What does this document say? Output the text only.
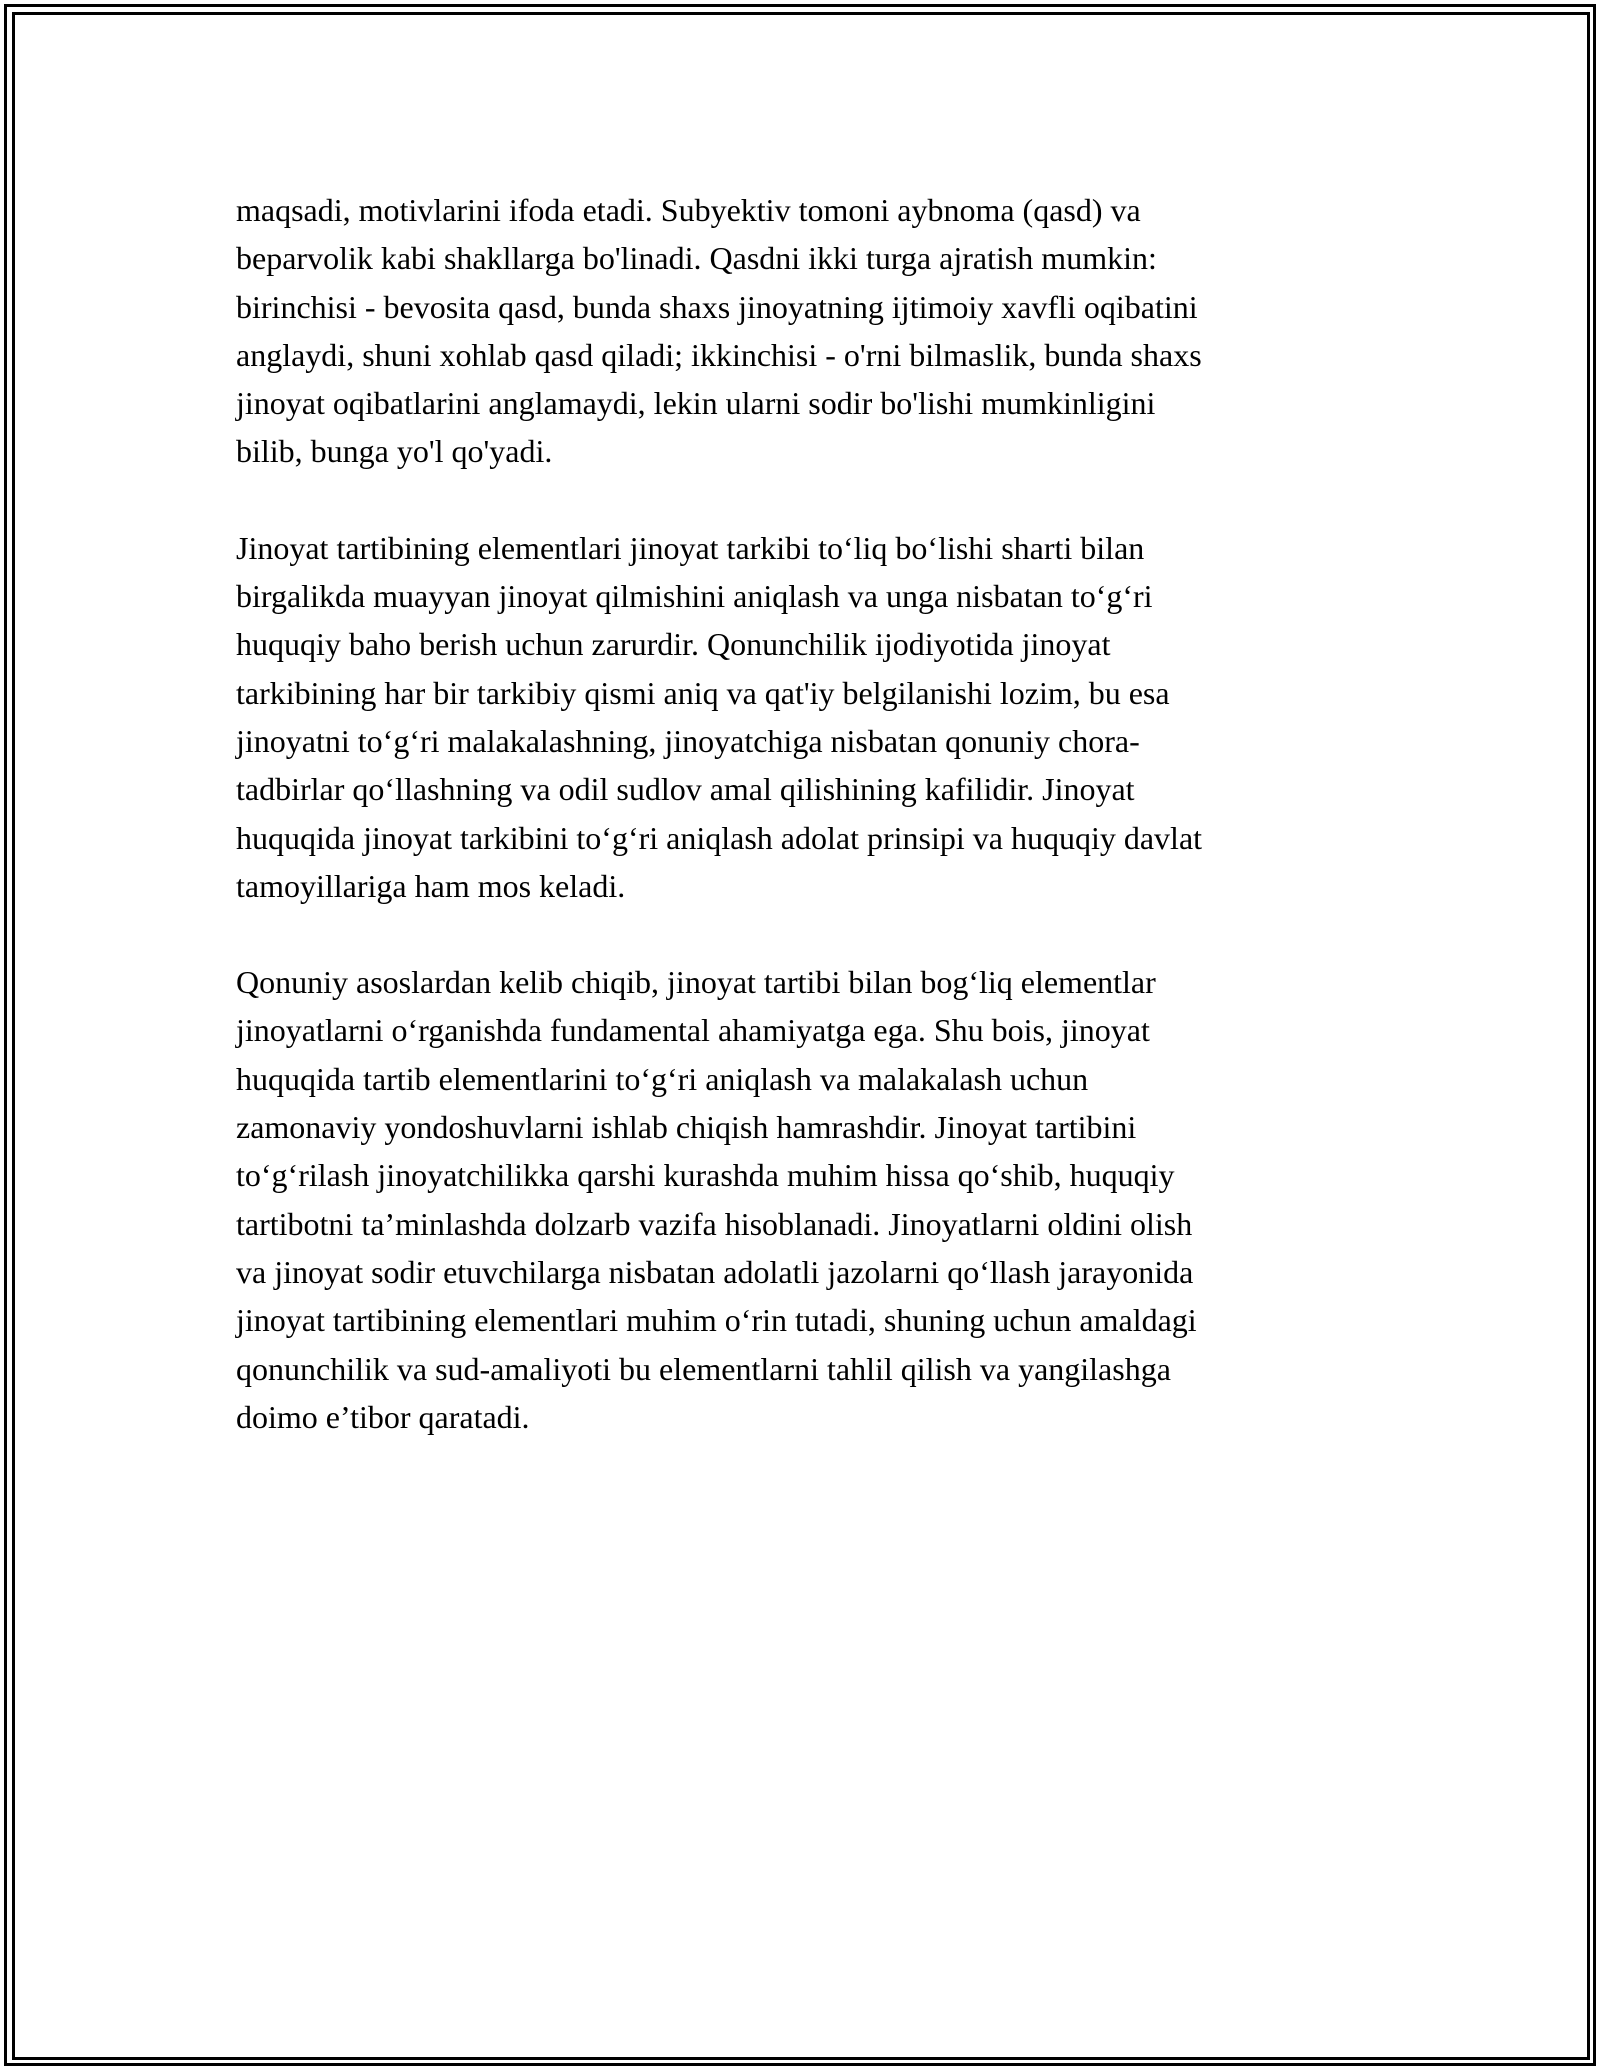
maqsadi, motivlarini ifoda etadi. Subyektiv tomoni aybnoma (qasd) va
beparvolik kabi shakllarga bo'linadi. Qasdni ikki turga ajratish mumkin:
birinchisi - bevosita qasd, bunda shaxs jinoyatning ijtimoiy xavfli oqibatini
anglaydi, shuni xohlab qasd qiladi; ikkinchisi - o'rni bilmaslik, bunda shaxs
jinoyat oqibatlarini anglamaydi, lekin ularni sodir bo'lishi mumkinligini
bilib, bunga yo'l qo'yadi.

Jinoyat tartibining elementlari jinoyat tarkibi to‘liq bo‘lishi sharti bilan
birgalikda muayyan jinoyat qilmishini aniqlash va unga nisbatan to‘g‘ri
huquqiy baho berish uchun zarurdir. Qonunchilik ijodiyotida jinoyat
tarkibining har bir tarkibiy qismi aniq va qat'iy belgilanishi lozim, bu esa
jinoyatni to‘g‘ri malakalashning, jinoyatchiga nisbatan qonuniy chora-
tadbirlar qo‘llashning va odil sudlov amal qilishining kafilidir. Jinoyat
huquqida jinoyat tarkibini to‘g‘ri aniqlash adolat prinsipi va huquqiy davlat
tamoyillariga ham mos keladi.

Qonuniy asoslardan kelib chiqib, jinoyat tartibi bilan bog‘liq elementlar
jinoyatlarni o‘rganishda fundamental ahamiyatga ega. Shu bois, jinoyat
huquqida tartib elementlarini to‘g‘ri aniqlash va malakalash uchun
zamonaviy yondoshuvlarni ishlab chiqish hamrashdir. Jinoyat tartibini
to‘g‘rilash jinoyatchilikka qarshi kurashda muhim hissa qo‘shib, huquqiy
tartibotni ta’minlashda dolzarb vazifa hisoblanadi. Jinoyatlarni oldini olish
va jinoyat sodir etuvchilarga nisbatan adolatli jazolarni qo‘llash jarayonida
jinoyat tartibining elementlari muhim o‘rin tutadi, shuning uchun amaldagi
qonunchilik va sud-amaliyoti bu elementlarni tahlil qilish va yangilashga
doimo e’tibor qaratadi.
